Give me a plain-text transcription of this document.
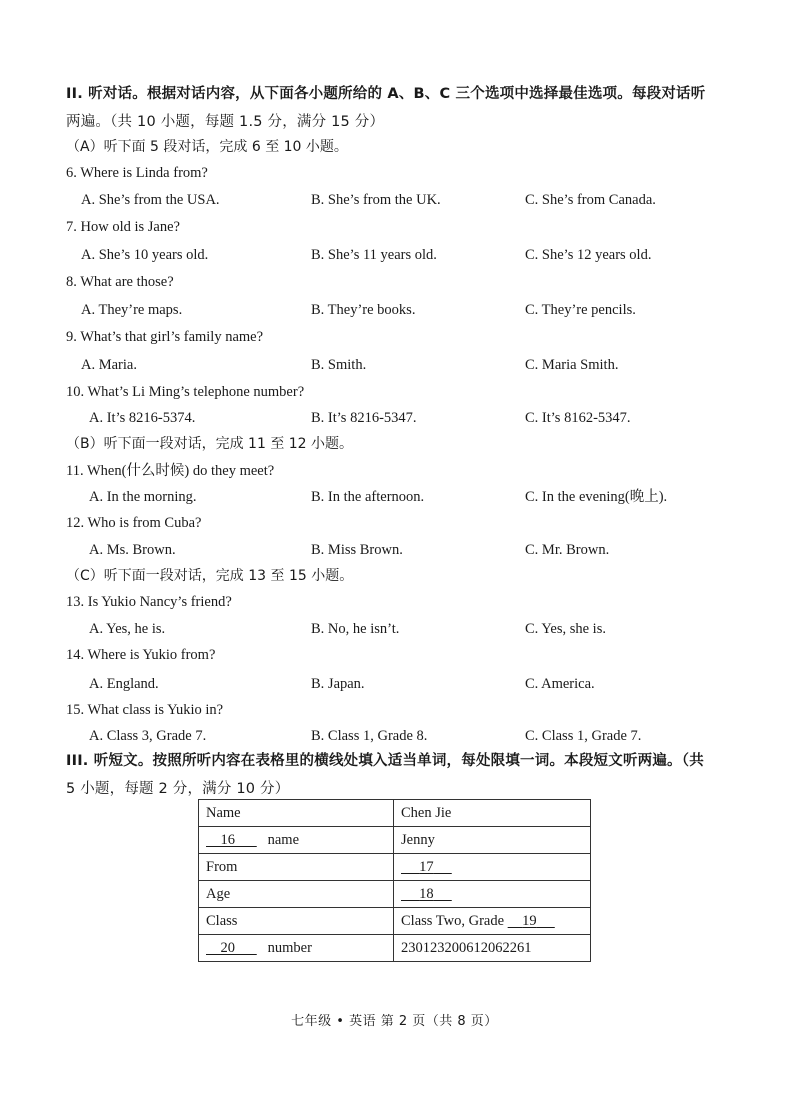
II. 听对话。根据对话内容，从下面各小题所给的 A、B、C 三个选项中选择最佳选项。每段对话听
两遍。（共 10 小题，每题 1.5 分，满分 15 分）
（A）听下面 5 段对话，完成 6 至 10 小题。
6. Where is Linda from?
A. She’s from the USA.	B. She’s from the UK.	C. She’s from Canada.
7. How old is Jane?
A. She’s 10 years old.	B. She’s 11 years old.	C. She’s 12 years old.
8. What are those?
A. They’re maps.	B. They’re books.	C. They’re pencils.
9. What’s that girl’s family name?
A. Maria.	B. Smith.	C. Maria Smith.
10. What’s Li Ming’s telephone number?
A. It’s 8216-5374.	B. It’s 8216-5347.	C. It’s 8162-5347.
（B）听下面一段对话，完成 11 至 12 小题。
11. When(什么时候) do they meet?
A. In the morning.	B. In the afternoon.	C. In the evening(晚上).
12. Who is from Cuba?
A. Ms. Brown.	B. Miss Brown.	C. Mr. Brown.
（C）听下面一段对话，完成 13 至 15 小题。
13. Is Yukio Nancy’s friend?
A. Yes, he is.	B. No, he isn’t.	C. Yes, she is.
14. Where is Yukio from?
A. England.	B. Japan.	C. America.
15. What class is Yukio in?
A. Class 3, Grade 7.	B. Class 1, Grade 8.	C. Class 1, Grade 7.
III. 听短文。按照所听内容在表格里的横线处填入适当单词，每处限填一词。本段短文听两遍。（共
5 小题，每题 2 分，满分 10 分）
Name	Chen Jie
16 name	Jenny
From	17
Age	18
Class	Class Two, Grade 19
20 number	230123200612062261
七年级 • 英语 第 2 页（共 8 页）
